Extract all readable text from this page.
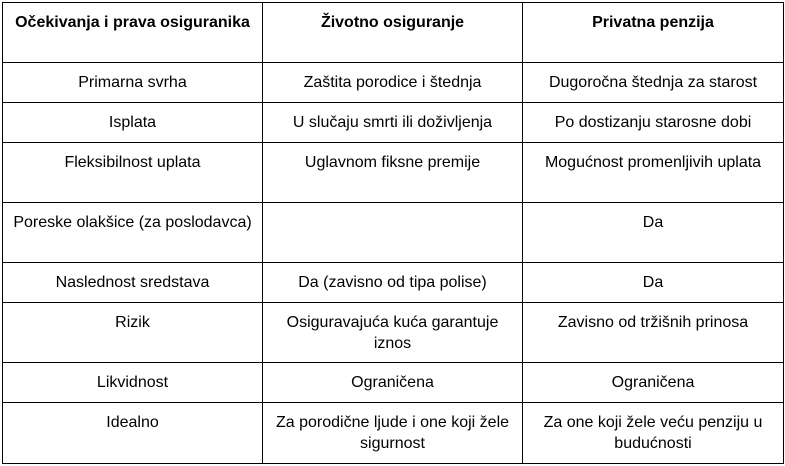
Očekivanja i prava osiguranika	Životno osiguranje	Privatna penzija
Primarna svrha	Zaštita porodice i štednja	Dugoročna štednja za starost
Isplata	U slučaju smrti ili doživljenja	Po dostizanju starosne dobi
Fleksibilnost uplata	Uglavnom fiksne premije	Mogućnost promenljivih uplata
Poreske olakšice (za poslodavca)		Da
Naslednost sredstava	Da (zavisno od tipa polise)	Da
Rizik	Osiguravajuća kuća garantuje iznos	Zavisno od tržišnih prinosa
Likvidnost	Ograničena	Ograničena
Idealno	Za porodične ljude i one koji žele sigurnost	Za one koji žele veću penziju u budućnosti
